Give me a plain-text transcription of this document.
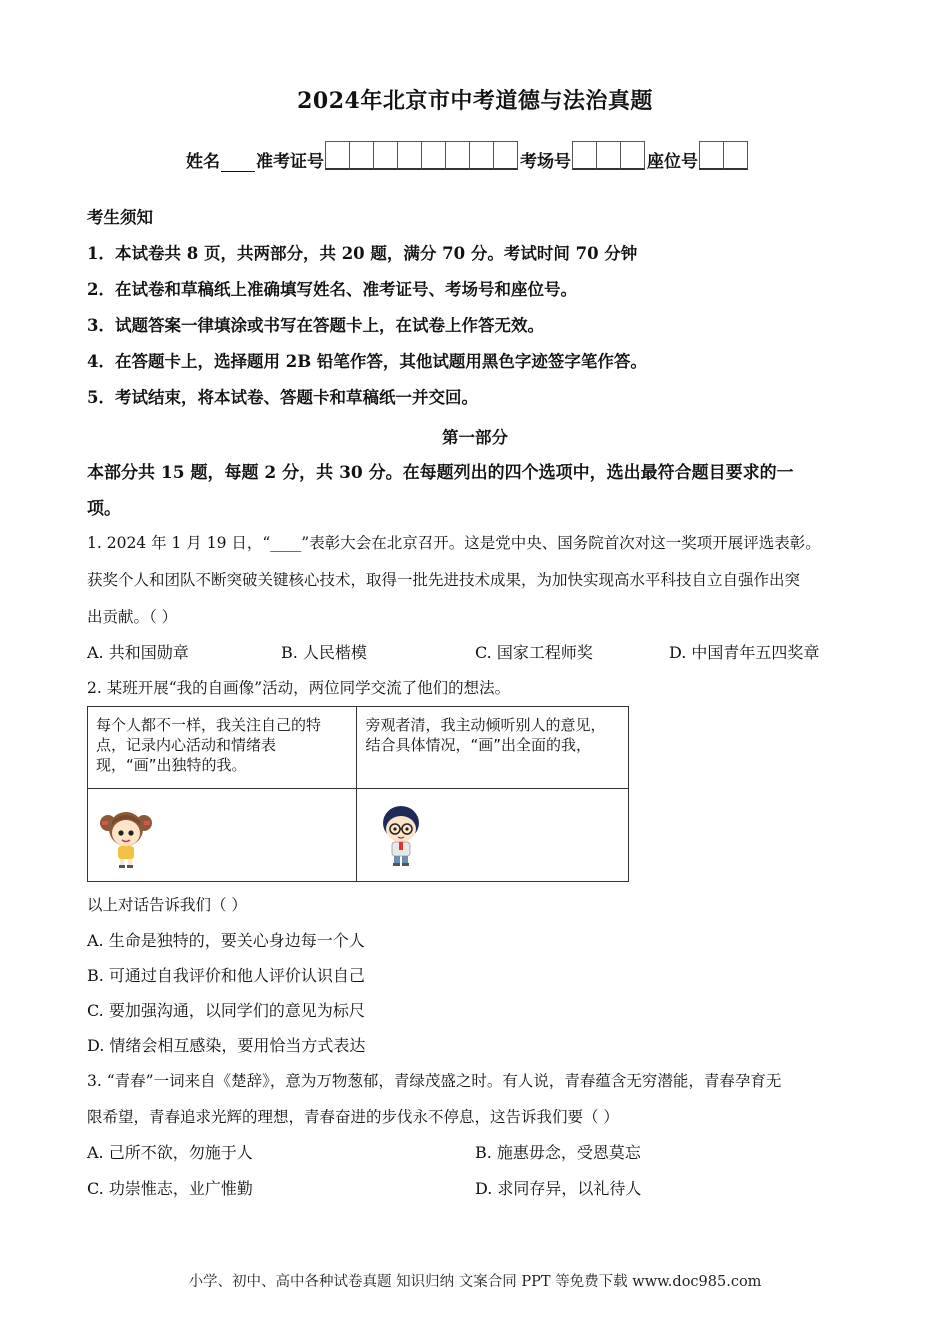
2024年北京市中考道德与法治真题
姓名 准考证号	考场号	座位号
考生须知
1．本试卷共 8 页，共两部分，共 20 题，满分 70 分。考试时间 70 分钟
2．在试卷和草稿纸上准确填写姓名、准考证号、考场号和座位号。
3．试题答案一律填涂或书写在答题卡上，在试卷上作答无效。
4．在答题卡上，选择题用 2B 铅笔作答，其他试题用黑色字迹签字笔作答。
5．考试结束，将本试卷、答题卡和草稿纸一并交回。
第一部分
本部分共 15 题，每题 2 分，共 30 分。在每题列出的四个选项中，选出最符合题目要求的一
项。
1. 2024 年 1 月 19 日，“____”表彰大会在北京召开。这是党中央、国务院首次对这一奖项开展评选表彰。
获奖个人和团队不断突破关键核心技术，取得一批先进技术成果，为加快实现高水平科技自立自强作出突
出贡献。（ ）
A. 共和国勋章	B. 人民楷模	C. 国家工程师奖	D. 中国青年五四奖章
2. 某班开展“我的自画像”活动，两位同学交流了他们的想法。
每个人都不一样，我关注自己的特点，记录内心活动和情绪表现，“画”出独特的我。	旁观者清，我主动倾听别人的意见，结合具体情况，“画”出全面的我，

以上对话告诉我们（ ）
A. 生命是独特的，要关心身边每一个人
B. 可通过自我评价和他人评价认识自己
C. 要加强沟通，以同学们的意见为标尺
D. 情绪会相互感染，要用恰当方式表达
3. “青春”一词来自《楚辞》，意为万物葱郁，青绿茂盛之时。有人说，青春蕴含无穷潜能，青春孕育无
限希望，青春追求光辉的理想，青春奋进的步伐永不停息，这告诉我们要（ ）
A. 己所不欲，勿施于人	B. 施惠毋念，受恩莫忘
C. 功崇惟志，业广惟勤	D. 求同存异，以礼待人
小学、初中、高中各种试卷真题 知识归纳 文案合同 PPT 等免费下载 www.doc985.com
